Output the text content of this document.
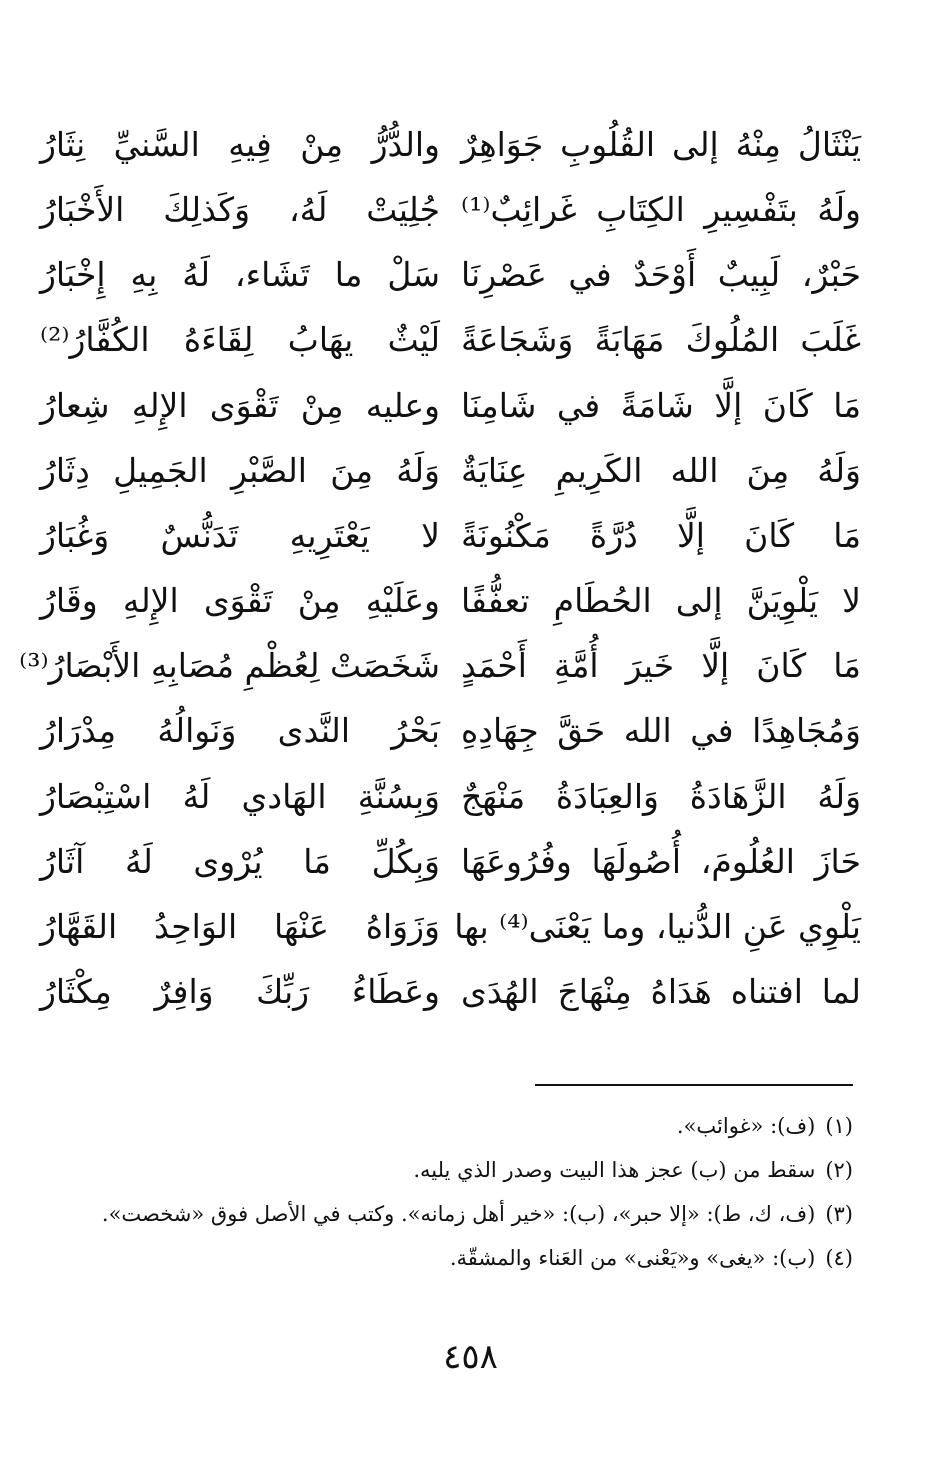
يَنْثَالُ مِنْهُ إلى القُلُوبِ جَوَاهِرٌ
والدُّرُّ مِنْ فِيهِ السَّنيِّ نِثَارُ
ولَهُ بتَفْسِيرِ الكِتَابِ غَرائِبٌ⁽¹⁾
جُلِيَتْ لَهُ، وَكَذلِكَ الأَخْبَارُ
حَبْرٌ، لَبِيبٌ أَوْحَدٌ في عَصْرِنَا
سَلْ ما تَشَاء، لَهُ بِهِ إِخْبَارُ
غَلَبَ المُلُوكَ مَهَابَةً وَشَجَاعَةً
لَيْثٌ يهَابُ لِقَاءَهُ الكُفَّارُ⁽²⁾
مَا كَانَ إلَّا شَامَةً في شَامِنَا
وعليه مِنْ تَقْوَى الإِلهِ شِعارُ
وَلَهُ مِنَ الله الكَرِيمِ عِنَايَةٌ
وَلَهُ مِنَ الصَّبْرِ الجَمِيلِ دِثَارُ
مَا كَانَ إلَّا دُرَّةً مَكْنُونَةً
لا يَعْتَرِيهِ تَدَنُّسٌ وَغُبَارُ
لا يَلْوِيَنَّ إلى الحُطَامِ تعفُّفًا
وعَلَيْهِ مِنْ تَقْوَى الإِلهِ وقَارُ
مَا كَانَ إلَّا خَيرَ أُمَّةِ أَحْمَدٍ
شَخَصَتْ لِعُظْمِ مُصَابِهِ الأَبْصَارُ⁽³⁾
وَمُجَاهِدًا في الله حَقَّ جِهَادِهِ
بَحْرُ النَّدى وَنَوالُهُ مِدْرَارُ
وَلَهُ الزَّهَادَةُ وَالعِبَادَةُ مَنْهَجٌ
وَبِسُنَّةِ الهَادي لَهُ اسْتِبْصَارُ
حَازَ العُلُومَ، أُصُولَهَا وفُرُوعَهَا
وَبِكُلِّ مَا يُرْوى لَهُ آثَارُ
يَلْوِي عَنِ الدُّنيا، وما يَعْنَى⁽⁴⁾ بها
وَزَوَاهُ عَنْهَا الوَاحِدُ القَهَّارُ
لما افتناه هَدَاهُ مِنْهَاجَ الهُدَى
وعَطَاءُ رَبِّكَ وَافِرٌ مِكْثَارُ
(١)
(ف): «غوائب».
(٢)
سقط من (ب) عجز هذا البيت وصدر الذي يليه.
(٣)
(ف، ك، ط): «إلا حبر»، (ب): «خير أهل زمانه». وكتب في الأصل فوق «شخصت».
(٤)
(ب): «يغى» و«يَعْنى» من العَناء والمشقّة.
٤٥٨
